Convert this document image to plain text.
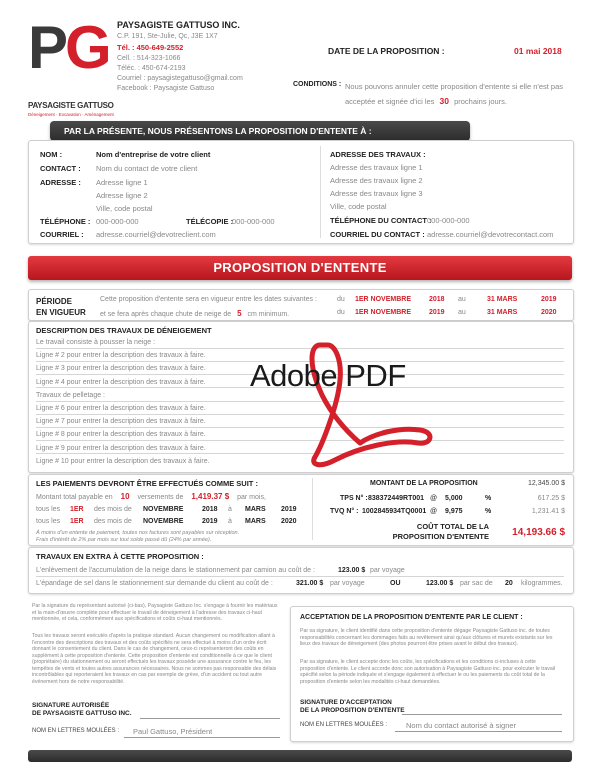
PG
PAYSAGISTE GATTUSO
Déneigement · Excavation · Aménagement
PAYSAGISTE GATTUSO INC.
C.P. 191, Ste-Julie, Qc, J3E 1X7
Tél. : 450-649-2552
Cell. : 514-323-1066
Téléc. : 450-674-2193
Courriel : paysagistegattuso@gmail.com
Facebook : Paysagiste Gattuso
DATE DE LA PROPOSITION :	01 mai 2018
CONDITIONS : Nous pouvons annuler cette proposition d'entente si elle n'est pas acceptée et signée d'ici les 30 prochains jours.
PAR LA PRÉSENTE, NOUS PRÉSENTONS LA PROPOSITION D'ENTENTE À :
NOM :	Nom d'entreprise de votre client
CONTACT : Nom du contact de votre client
ADRESSE : Adresse ligne 1
Adresse ligne 2
Ville, code postal
TÉLÉPHONE : 000-000-000	TÉLÉCOPIE :
000-000-000
COURRIEL : adresse.courriel@devotreclient.com
ADRESSE DES TRAVAUX :
Adresse des travaux ligne 1
Adresse des travaux ligne 2
Adresse des travaux ligne 3
Ville, code postal
TÉLÉPHONE DU CONTACT :
000-000-000
COURRIEL DU CONTACT : adresse.courriel@devotrecontact.com
PROPOSITION D'ENTENTE
PÉRIODE
EN VIGUEUR
Cette proposition d'entente sera en vigueur entre les dates suivantes :
et se fera après chaque chute de neige de 5 cm minimum.
du 1ER NOVEMBRE	2018 au	31 MARS	2019
du 1ER NOVEMBRE	2019 au	31 MARS	2020
DESCRIPTION DES TRAVAUX DE DÉNEIGEMENT
Le travail consiste à pousser la neige :
Ligne # 2 pour entrer la description des travaux à faire.
Ligne # 3 pour entrer la description des travaux à faire.
Ligne # 4 pour entrer la description des travaux à faire.
Travaux de pelletage :
Ligne # 6 pour entrer la description des travaux à faire.
Ligne # 7 pour entrer la description des travaux à faire.
Ligne # 8 pour entrer la description des travaux à faire.
Ligne # 9 pour entrer la description des travaux à faire.
Ligne # 10 pour entrer la description des travaux à faire.
Adobe PDF
LES PAIEMENTS DEVRONT ÊTRE EFFECTUÉS COMME SUIT :
Montant total payable en 10 versements de 1,419.37 $ par mois,
tous les 1ER des mois de NOVEMBRE	2018 à MARS 2019
tous les 1ER des mois de NOVEMBRE	2019 à MARS 2020
À moins d'un entente de paiement, toutes nos factures sont payables sur réception.
Frais d'intérêt de 2% par mois sur tout solde passé dû (24% par année).
MONTANT DE LA PROPOSITION	12,345.00 $
TPS N° : 838372449RT001 @ 5,000	%	617.25 $
TVQ N° : 1002845934TQ0001 @ 9,975	%	1,231.41 $
COÛT TOTAL DE LA
PROPOSITION D'ENTENTE 14,193.66 $
TRAVAUX EN EXTRA À CETTE PROPOSITION :
L'enlèvement de l'accumulation de la neige dans le stationnement par camion au coût de :	123.00 $ par voyage
L'épandage de sel dans le stationnement sur demande du client au coût de :	321.00 $ par voyage	OU	123.00 $ par sac de 20 kilogrammes.
Par la signature du représentant autorisé (ci-bas), Paysagiste Gattuso Inc. s'engage à fournir les matériaux et la main-d'œuvre complète pour effectuer le travail de déneigement à l'adresse des travaux ci-haut mentionnée, et cela, conformément aux spécifications et coûts ci-haut mentionnés.
Tous les travaux seront exécutés d'après la pratique standard. Aucun changement ou modification allant à l'encontre des descriptions des travaux et des coûts spécifiés ne sera effectué à moins d'un ordre écrit donnant le consentement du client. Dans le cas de changement, ceux-ci représenteront des coûts en supplément à cette proposition d'entente. Cette proposition d'entente est conditionnelle à ce que le client (propriétaire) du stationnement ou seront effectués les travaux possède une assurance contre le feu, les tempêtes de vents et toutes autres assurances nécessaires. Nous ne sommes pas responsable des délais incontrôlables qui reporteraient les travaux en cas par exemple de grève, d'un accident ou tout autre événement hors de notre responsabilité.
SIGNATURE AUTORISÉE
DE PAYSAGISTE GATTUSO INC.
NOM EN LETTRES MOULÉES : Paul Gattuso, Président
ACCEPTATION DE LA PROPOSITION D'ENTENTE PAR LE CLIENT :
Par sa signature, le client identifié dans cette proposition d'entente dégage Paysagiste Gattuso inc. de toutes responsabilités concernant les dommages faits au revêtement ainsi qu'aux clôtures et murets existants sur les lieux des travaux de déneigement (des photos pourront être prises avant le début des travaux).
Par sa signature, le client accepte donc les coûts, les spécifications et les conditions ci-incluses à cette proposition d'entente. Le client accorde donc son autorisation à Paysagiste Gattuso inc. pour exécuter le travail spécifié selon la période indiquée et s'engage également à effectuer le ou les paiements du coût total de la proposition d'entente selon les modalités ci-haut demandées.
SIGNATURE D'ACCEPTATION
DE LA PROPOSITION D'ENTENTE
NOM EN LETTRES MOULÉES :	Nom du contact autorisé à signer
